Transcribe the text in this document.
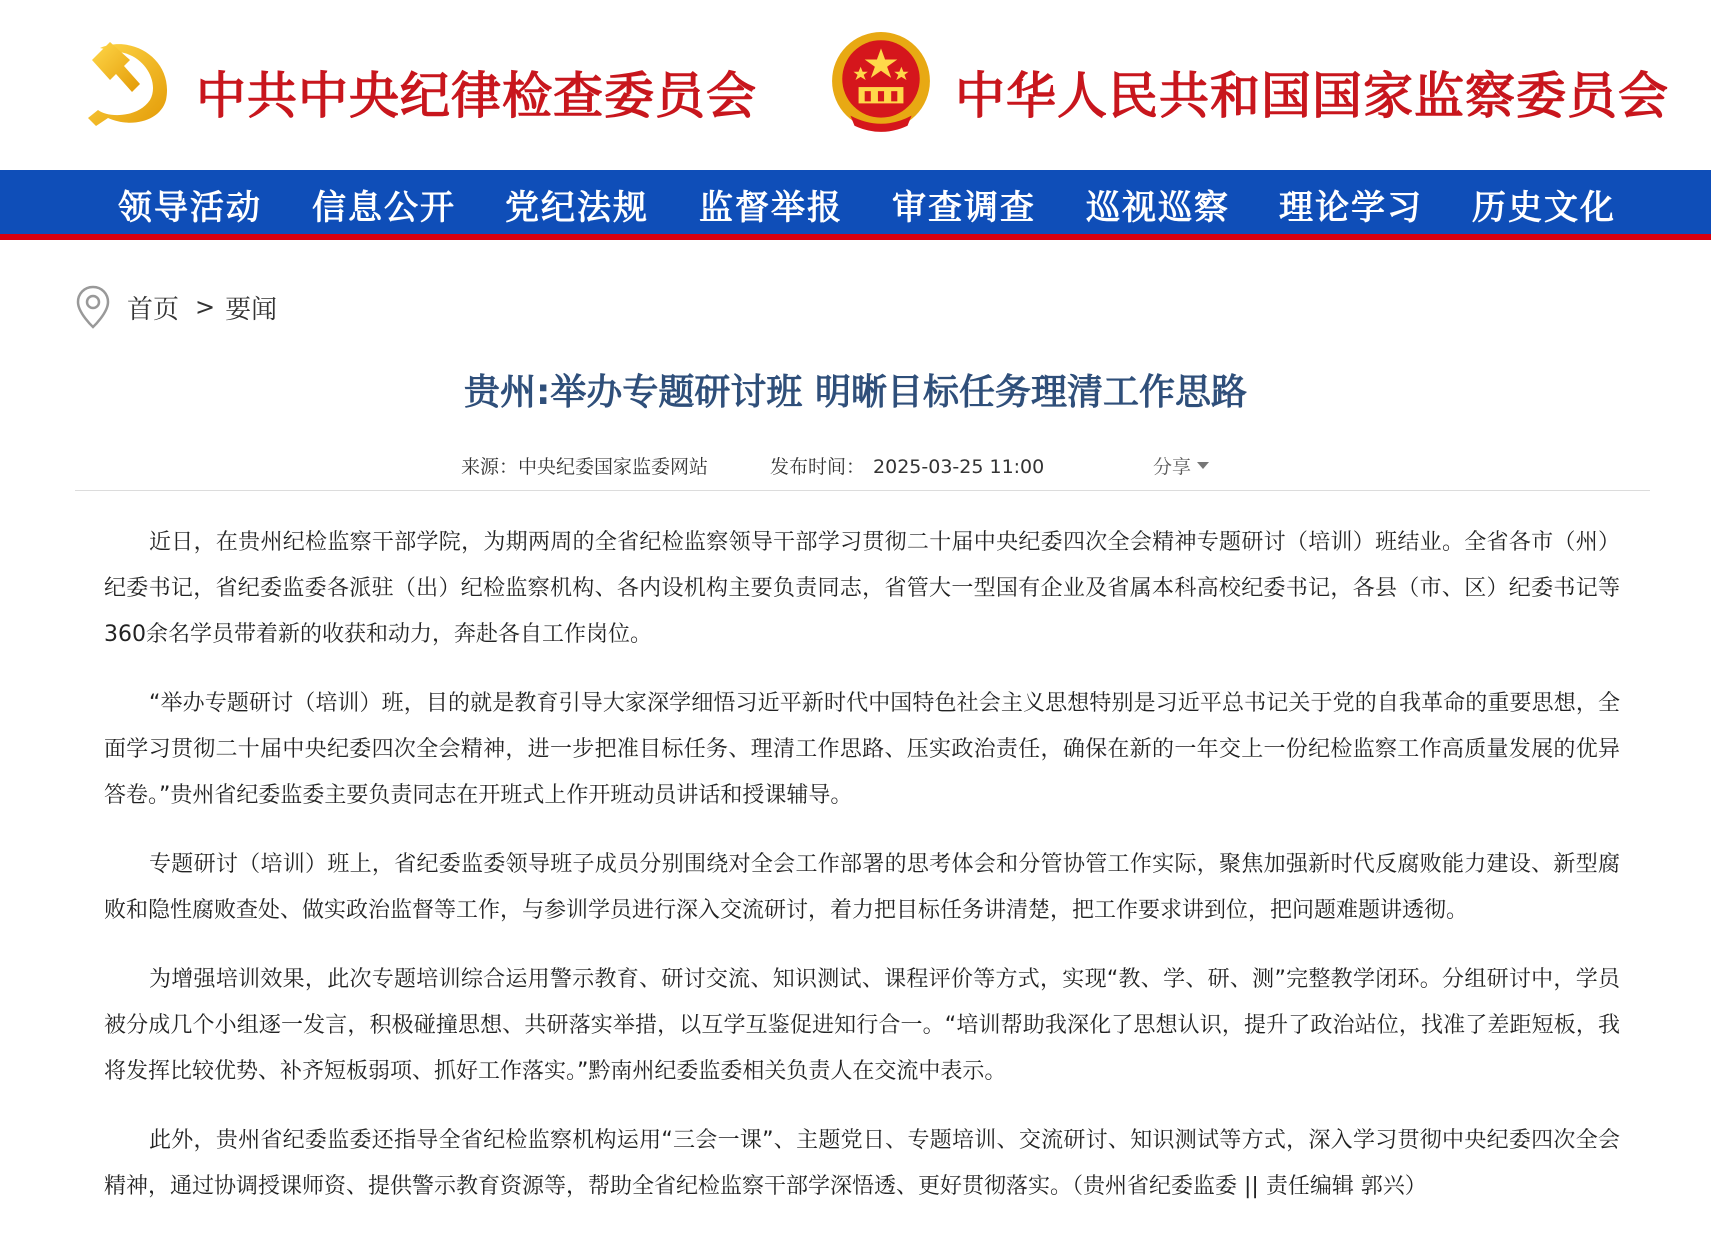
中共中央纪律检查委员会	中华人民共和国国家监察委员会
领导活动 信息公开 党纪法规 监督举报 审查调查 巡视巡察 理论学习 历史文化
首页 > 要闻
贵州:举办专题研讨班 明晰目标任务理清工作思路
来源：中央纪委国家监委网站	发布时间： 2025-03-25 11:00	分享

近日，在贵州纪检监察干部学院，为期两周的全省纪检监察领导干部学习贯彻二十届中央纪委四次全会精神专题研讨（培训）班结业。全省各市（州）纪委书记，省纪委监委各派驻（出）纪检监察机构、各内设机构主要负责同志，省管大一型国有企业及省属本科高校纪委书记，各县（市、区）纪委书记等360余名学员带着新的收获和动力，奔赴各自工作岗位。

“举办专题研讨（培训）班，目的就是教育引导大家深学细悟习近平新时代中国特色社会主义思想特别是习近平总书记关于党的自我革命的重要思想，全面学习贯彻二十届中央纪委四次全会精神，进一步把准目标任务、理清工作思路、压实政治责任，确保在新的一年交上一份纪检监察工作高质量发展的优异答卷。”贵州省纪委监委主要负责同志在开班式上作开班动员讲话和授课辅导。

专题研讨（培训）班上，省纪委监委领导班子成员分别围绕对全会工作部署的思考体会和分管协管工作实际，聚焦加强新时代反腐败能力建设、新型腐败和隐性腐败查处、做实政治监督等工作，与参训学员进行深入交流研讨，着力把目标任务讲清楚，把工作要求讲到位，把问题难题讲透彻。

为增强培训效果，此次专题培训综合运用警示教育、研讨交流、知识测试、课程评价等方式，实现“教、学、研、测”完整教学闭环。分组研讨中，学员被分成几个小组逐一发言，积极碰撞思想、共研落实举措，以互学互鉴促进知行合一。“培训帮助我深化了思想认识，提升了政治站位，找准了差距短板，我将发挥比较优势、补齐短板弱项、抓好工作落实。”黔南州纪委监委相关负责人在交流中表示。

此外，贵州省纪委监委还指导全省纪检监察机构运用“三会一课”、主题党日、专题培训、交流研讨、知识测试等方式，深入学习贯彻中央纪委四次全会精神，通过协调授课师资、提供警示教育资源等，帮助全省纪检监察干部学深悟透、更好贯彻落实。（贵州省纪委监委 || 责任编辑 郭兴）
